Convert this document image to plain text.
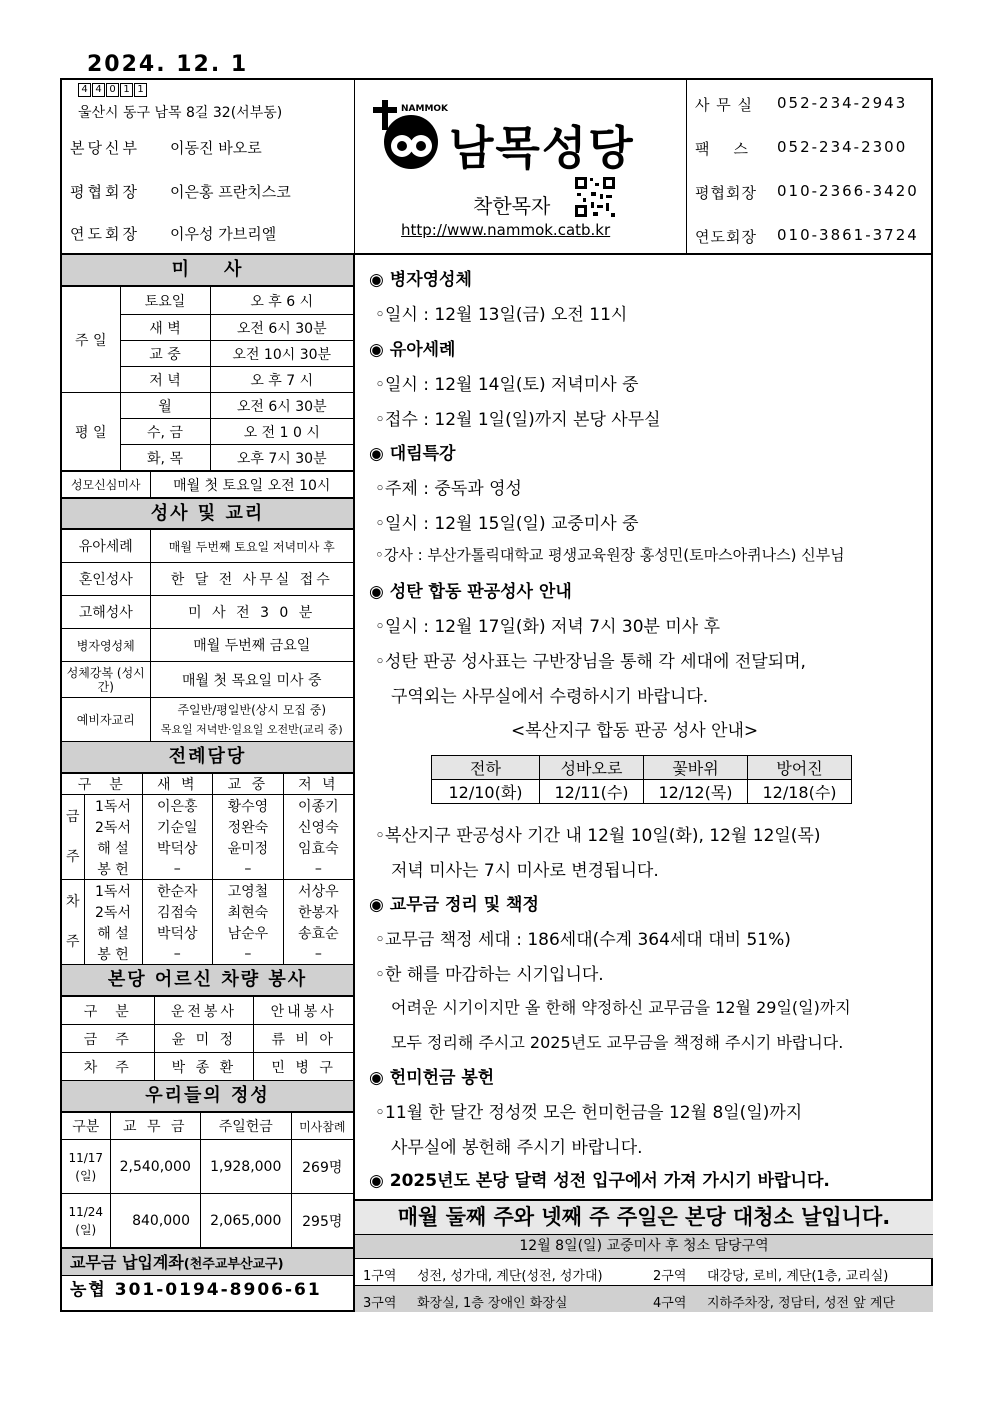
2024. 12. 1
4 4 0 1 1
울산시 동구 남목 8길 32(서부동)
본당신부	이동진 바오로
평협회장	이은홍 프란치스코
연도회장	이우성 가브리엘
NAMMOK
남목성당
착한목자
http://www.nammok.catb.kr
사 무 실	052-234-2943
팩    스	052-234-2300
평협회장	010-2366-3420
연도회장	010-3861-3724
미    사
주 일	토요일	오 후 6 시
	새 벽	오전 6시 30분
	교 중	오전 10시 30분
	저 녁	오 후 7 시
평 일	월	오전 6시 30분
	수, 금	오 전 1 0 시
	화, 목	오후 7시 30분
성모신심미사	매월 첫 토요일 오전 10시
성사 및 교리
유아세례	매월 두번째 토요일 저녁미사 후
혼인성사	한 달 전 사무실 접수
고해성사	미 사 전 3 0 분
병자영성체	매월 두번째 금요일
성체강복 (성시간)	매월 첫 목요일 미사 중
예비자교리	주일반/평일반(상시 모집 중)
목요일 저녁반·일요일 오전반(교리 중)
전례담당
구  분		새 벽	교 중	저 녁
금 주	1독서	이은홍	황수영	이종기
	2독서	기순일	정완숙	신영숙
	해 설	박덕상	윤미정	임효숙
	봉 헌	–	–	–
차 주	1독서	한순자	고영철	서상우
	2독서	김점숙	최현숙	한봉자
	해 설	박덕상	남순우	송효순
	봉 헌	–	–	–
본당 어르신 차량 봉사
구  분	운전봉사	안내봉사
금  주	윤 미 정	류 비 아
차  주	박 종 환	민 병 구
우리들의 정성
구분	교 무 금	주일헌금	미사참례

11/17
(일)	2,540,000	1,928,000	269명

11/24
(일)	840,000	2,065,000	295명
교무금 납입계좌(천주교부산교구)
농협 301-0194-8906-61
◉ 병자영성체
◦일시 : 12월 13일(금) 오전 11시
◉ 유아세례
◦일시 : 12월 14일(토) 저녁미사 중
◦접수 : 12월 1일(일)까지 본당 사무실
◉ 대림특강
◦주제 : 중독과 영성
◦일시 : 12월 15일(일) 교중미사 중
◦강사 : 부산가톨릭대학교 평생교육원장 홍성민(토마스아퀴나스) 신부님
◉ 성탄 합동 판공성사 안내
◦일시 : 12월 17일(화) 저녁 7시 30분 미사 후
◦성탄 판공 성사표는 구반장님을 통해 각 세대에 전달되며,
구역외는 사무실에서 수령하시기 바랍니다.
<복산지구 합동 판공 성사 안내>
전하	성바오로	꽃바위	방어진
12/10(화)	12/11(수)	12/12(목)	12/18(수)
◦복산지구 판공성사 기간 내 12월 10일(화), 12월 12일(목)
저녁 미사는 7시 미사로 변경됩니다.
◉ 교무금 정리 및 책정
◦교무금 책정 세대 : 186세대(수계 364세대 대비 51%)
◦한 해를 마감하는 시기입니다.
어려운 시기이지만 올 한해 약정하신 교무금을 12월 29일(일)까지
모두 정리해 주시고 2025년도 교무금을 책정해 주시기 바랍니다.
◉ 헌미헌금 봉헌
◦11월 한 달간 정성껏 모은 헌미헌금을 12월 8일(일)까지
사무실에 봉헌해 주시기 바랍니다.
◉ 2025년도 본당 달력 성전 입구에서 가져 가시기 바랍니다.
매월 둘째 주와 넷째 주 주일은 본당 대청소 날입니다.
12월 8일(일) 교중미사 후 청소 담당구역
1구역 성전, 성가대, 계단(성전, 성가대)	2구역 대강당, 로비, 계단(1층, 교리실)
3구역 화장실, 1층 장애인 화장실	4구역 지하주차장, 정담터, 성전 앞 계단
